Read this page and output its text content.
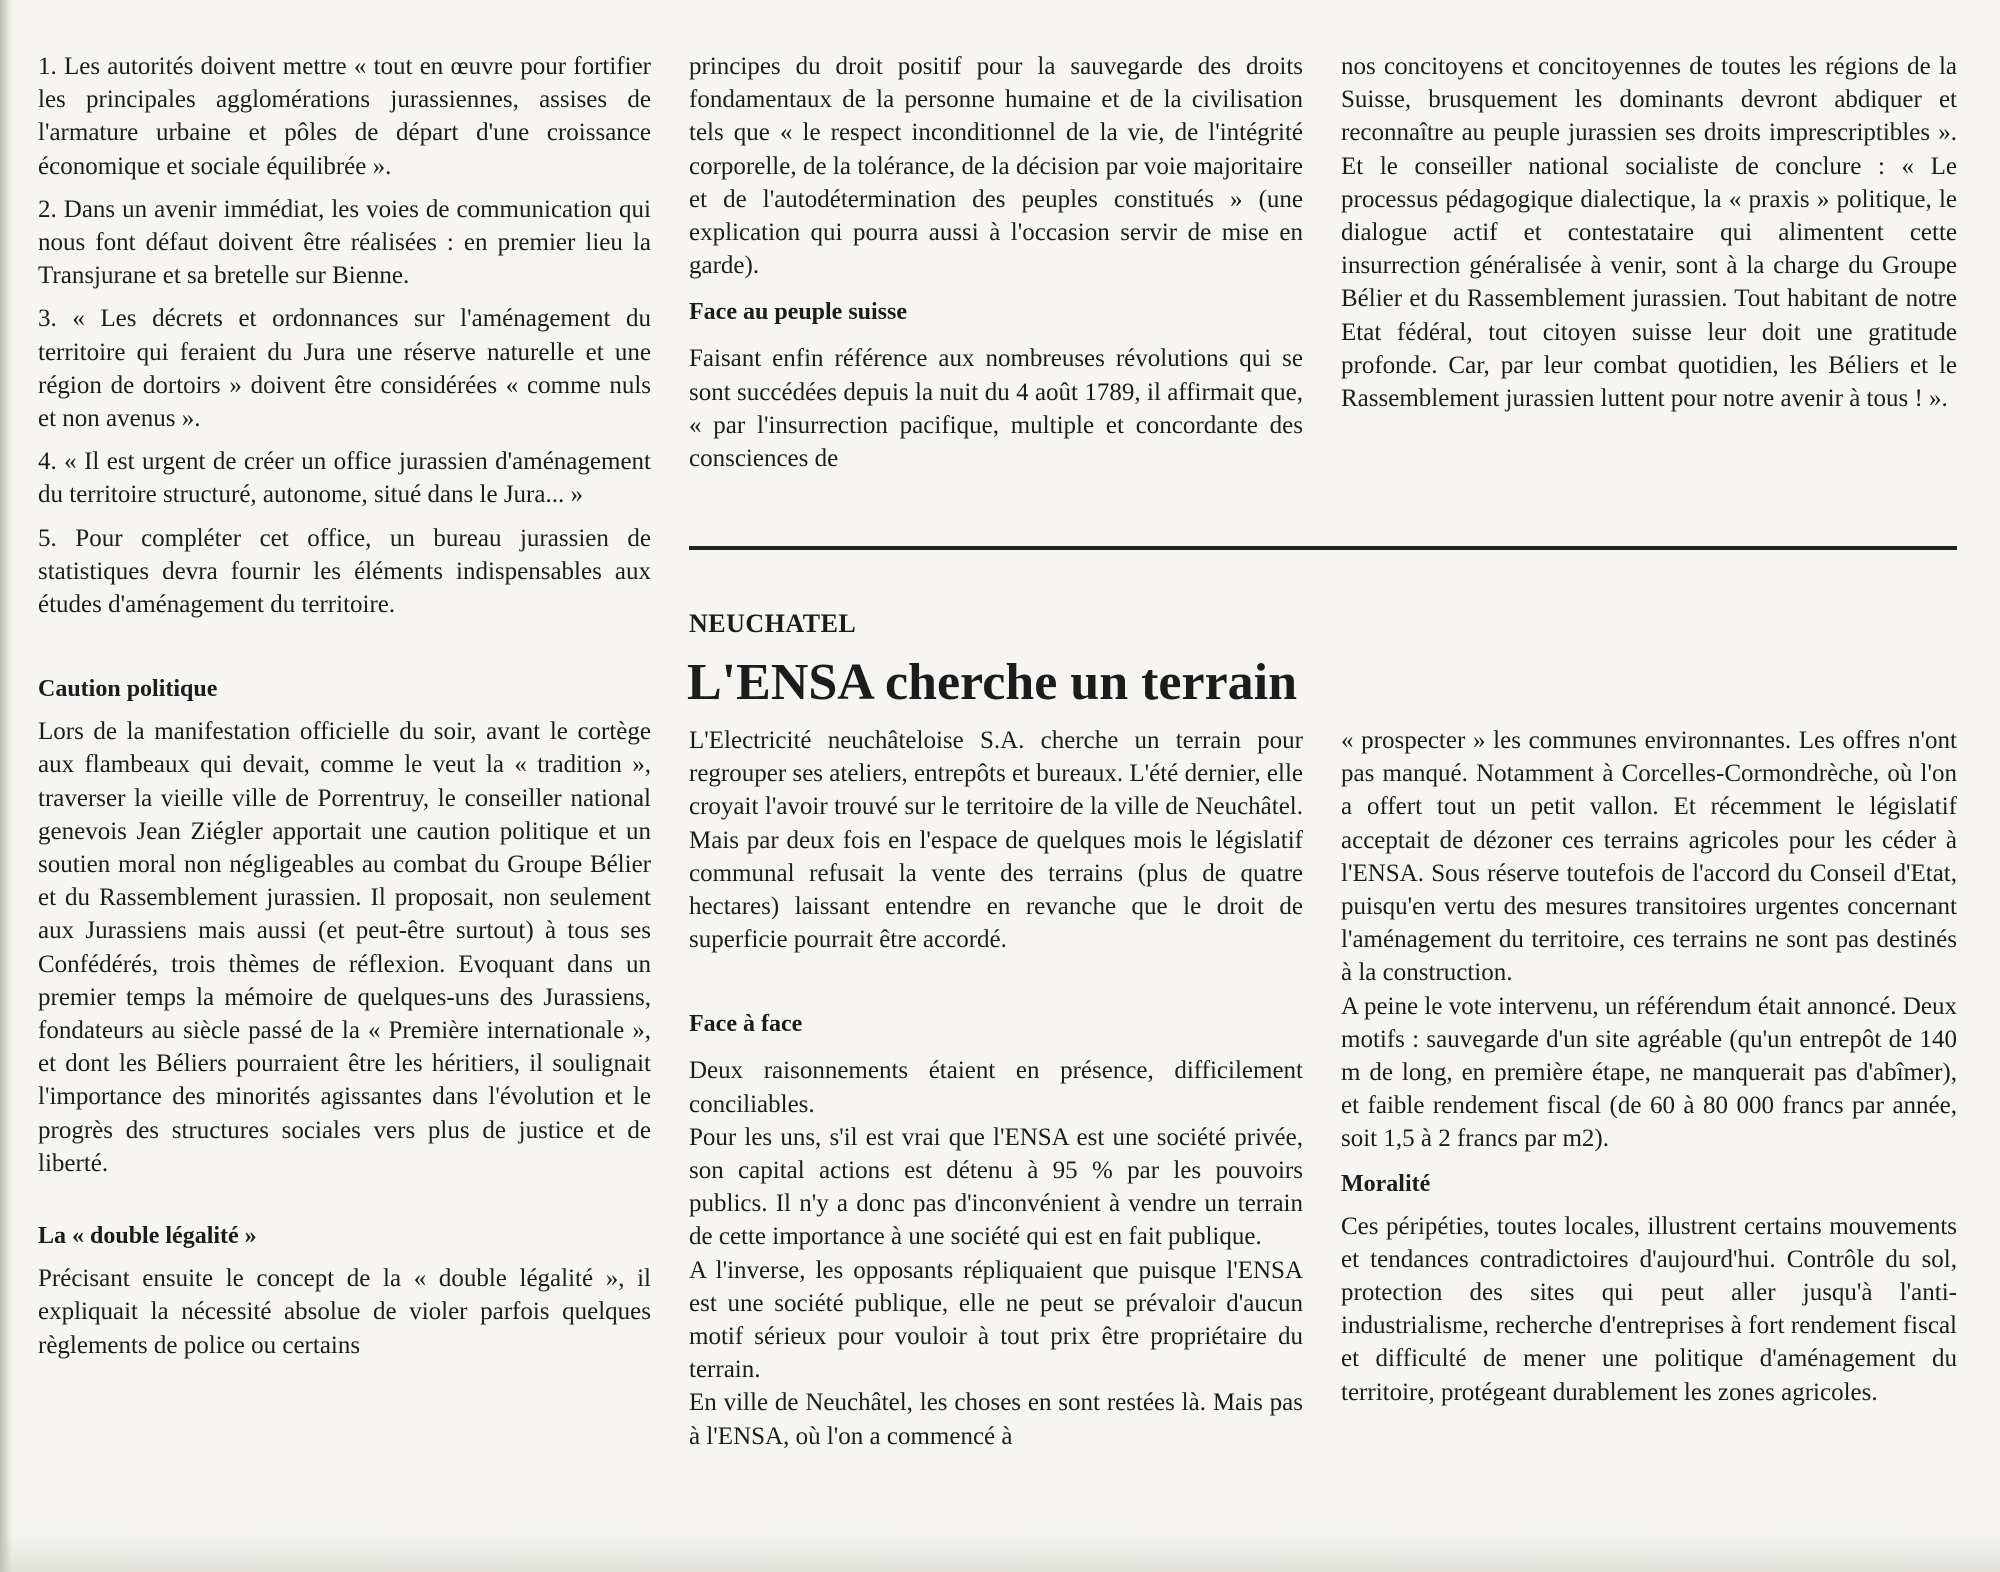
1. Les autorités doivent mettre « tout en œuvre pour fortifier les principales agglomérations jurassiennes, assises de l'armature urbaine et pôles de départ d'une croissance économique et sociale équilibrée ».

2. Dans un avenir immédiat, les voies de communication qui nous font défaut doivent être réalisées : en premier lieu la Transjurane et sa bretelle sur Bienne.

3. « Les décrets et ordonnances sur l'aménagement du territoire qui feraient du Jura une réserve naturelle et une région de dortoirs » doivent être considérées « comme nuls et non avenus ».

4. « Il est urgent de créer un office jurassien d'aménagement du territoire structuré, autonome, situé dans le Jura... »

5. Pour compléter cet office, un bureau jurassien de statistiques devra fournir les éléments indispensables aux études d'aménagement du territoire.

Caution politique

Lors de la manifestation officielle du soir, avant le cortège aux flambeaux qui devait, comme le veut la « tradition », traverser la vieille ville de Porrentruy, le conseiller national genevois Jean Ziégler apportait une caution politique et un soutien moral non négligeables au combat du Groupe Bélier et du Rassemblement jurassien. Il proposait, non seulement aux Jurassiens mais aussi (et peut-être surtout) à tous ses Confédérés, trois thèmes de réflexion. Evoquant dans un premier temps la mémoire de quelques-uns des Jurassiens, fondateurs au siècle passé de la « Première internationale », et dont les Béliers pourraient être les héritiers, il soulignait l'importance des minorités agissantes dans l'évolution et le progrès des structures sociales vers plus de justice et de liberté.

La « double légalité »

Précisant ensuite le concept de la « double légalité », il expliquait la nécessité absolue de violer parfois quelques règlements de police ou certains

principes du droit positif pour la sauvegarde des droits fondamentaux de la personne humaine et de la civilisation tels que « le respect inconditionnel de la vie, de l'intégrité corporelle, de la tolérance, de la décision par voie majoritaire et de l'autodétermination des peuples constitués » (une explication qui pourra aussi à l'occasion servir de mise en garde).

Face au peuple suisse

Faisant enfin référence aux nombreuses révolutions qui se sont succédées depuis la nuit du 4 août 1789, il affirmait que, « par l'insurrection pacifique, multiple et concordante des consciences de

nos concitoyens et concitoyennes de toutes les régions de la Suisse, brusquement les dominants devront abdiquer et reconnaître au peuple jurassien ses droits imprescriptibles ». Et le conseiller national socialiste de conclure : « Le processus pédagogique dialectique, la « praxis » politique, le dialogue actif et contestataire qui alimentent cette insurrection généralisée à venir, sont à la charge du Groupe Bélier et du Rassemblement jurassien. Tout habitant de notre Etat fédéral, tout citoyen suisse leur doit une gratitude profonde. Car, par leur combat quotidien, les Béliers et le Rassemblement jurassien luttent pour notre avenir à tous ! ».

NEUCHATEL
L'ENSA cherche un terrain

L'Electricité neuchâteloise S.A. cherche un terrain pour regrouper ses ateliers, entrepôts et bureaux. L'été dernier, elle croyait l'avoir trouvé sur le territoire de la ville de Neuchâtel. Mais par deux fois en l'espace de quelques mois le législatif communal refusait la vente des terrains (plus de quatre hectares) laissant entendre en revanche que le droit de superficie pourrait être accordé.

Face à face

Deux raisonnements étaient en présence, difficilement conciliables.

Pour les uns, s'il est vrai que l'ENSA est une société privée, son capital actions est détenu à 95 % par les pouvoirs publics. Il n'y a donc pas d'inconvénient à vendre un terrain de cette importance à une société qui est en fait publique.

A l'inverse, les opposants répliquaient que puisque l'ENSA est une société publique, elle ne peut se prévaloir d'aucun motif sérieux pour vouloir à tout prix être propriétaire du terrain.

En ville de Neuchâtel, les choses en sont restées là. Mais pas à l'ENSA, où l'on a commencé à

« prospecter » les communes environnantes. Les offres n'ont pas manqué. Notamment à Corcelles-Cormondrèche, où l'on a offert tout un petit vallon. Et récemment le législatif acceptait de dézoner ces terrains agricoles pour les céder à l'ENSA. Sous réserve toutefois de l'accord du Conseil d'Etat, puisqu'en vertu des mesures transitoires urgentes concernant l'aménagement du territoire, ces terrains ne sont pas destinés à la construction.

A peine le vote intervenu, un référendum était annoncé. Deux motifs : sauvegarde d'un site agréable (qu'un entrepôt de 140 m de long, en première étape, ne manquerait pas d'abîmer), et faible rendement fiscal (de 60 à 80 000 francs par année, soit 1,5 à 2 francs par m2).

Moralité

Ces péripéties, toutes locales, illustrent certains mouvements et tendances contradictoires d'aujourd'hui. Contrôle du sol, protection des sites qui peut aller jusqu'à l'anti-industrialisme, recherche d'entreprises à fort rendement fiscal et difficulté de mener une politique d'aménagement du territoire, protégeant durablement les zones agricoles.
